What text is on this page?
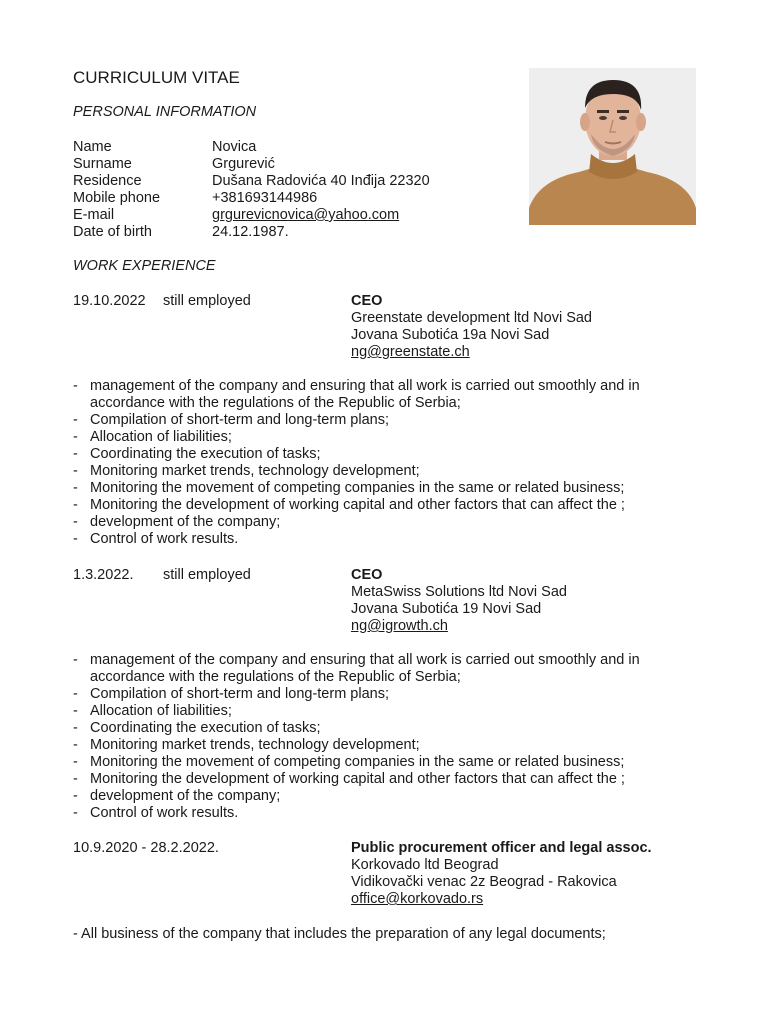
CURRICULUM VITAE
PERSONAL INFORMATION
Name	Novica
Surname	Grgurević
Residence	Dušana Radovića 40 Inđija 22320
Mobile phone	+381693144986
E-mail	grgurevicnovica@yahoo.com
Date of birth	24.12.1987.
WORK EXPERIENCE
19.10.2022 still employed	CEO
Greenstate development ltd Novi Sad
Jovana Subotića 19a Novi Sad
ng@greenstate.ch
- management of the company and ensuring that all work is carried out smoothly and in accordance with the regulations of the Republic of Serbia;
- Compilation of short-term and long-term plans;
- Allocation of liabilities;
- Coordinating the execution of tasks;
- Monitoring market trends, technology development;
- Monitoring the movement of competing companies in the same or related business;
- Monitoring the development of working capital and other factors that can affect the ;
- development of the company;
- Control of work results.
1.3.2022. still employed	CEO
MetaSwiss Solutions ltd Novi Sad
Jovana Subotića 19 Novi Sad
ng@igrowth.ch
- management of the company and ensuring that all work is carried out smoothly and in accordance with the regulations of the Republic of Serbia;
- Compilation of short-term and long-term plans;
- Allocation of liabilities;
- Coordinating the execution of tasks;
- Monitoring market trends, technology development;
- Monitoring the movement of competing companies in the same or related business;
- Monitoring the development of working capital and other factors that can affect the ;
- development of the company;
- Control of work results.
10.9.2020 - 28.2.2022.	Public procurement officer and legal assoc.
Korkovado ltd Beograd
Vidikovački venac 2z Beograd - Rakovica
office@korkovado.rs
- All business of the company that includes the preparation of any legal documents;
